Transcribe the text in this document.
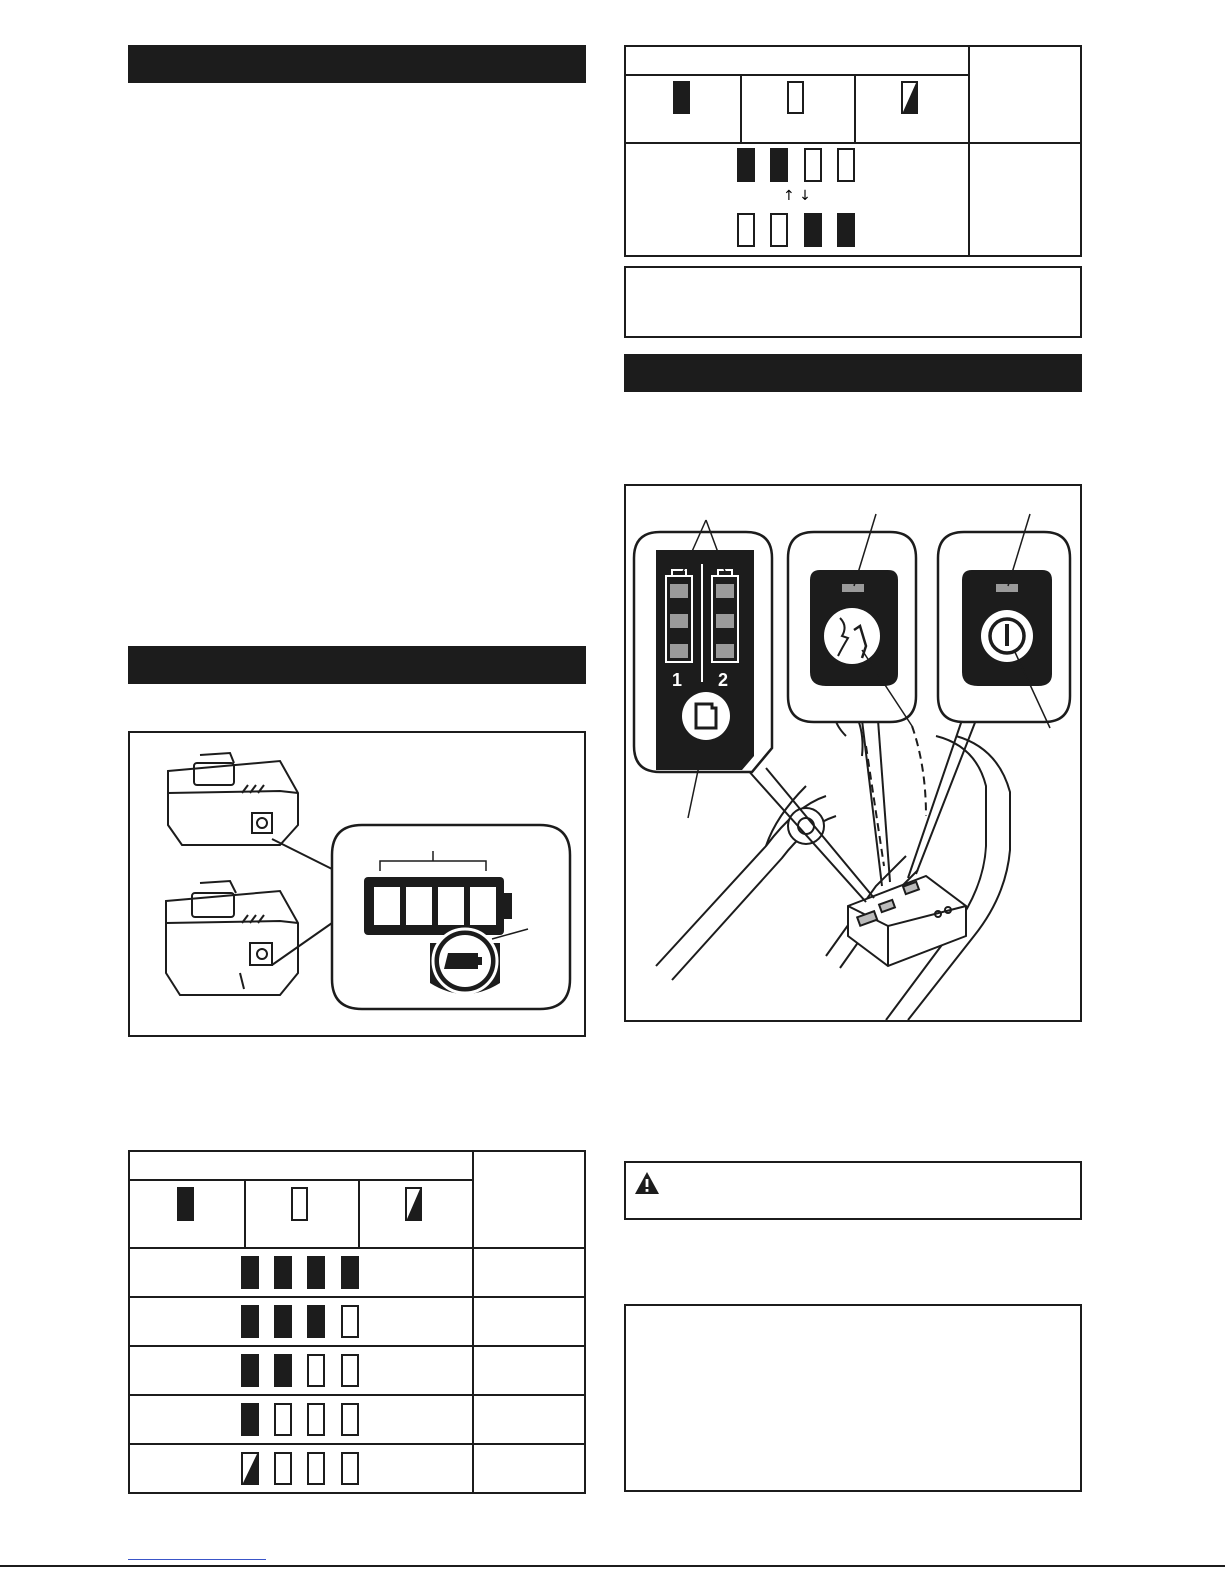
↑ ↓
1 2
